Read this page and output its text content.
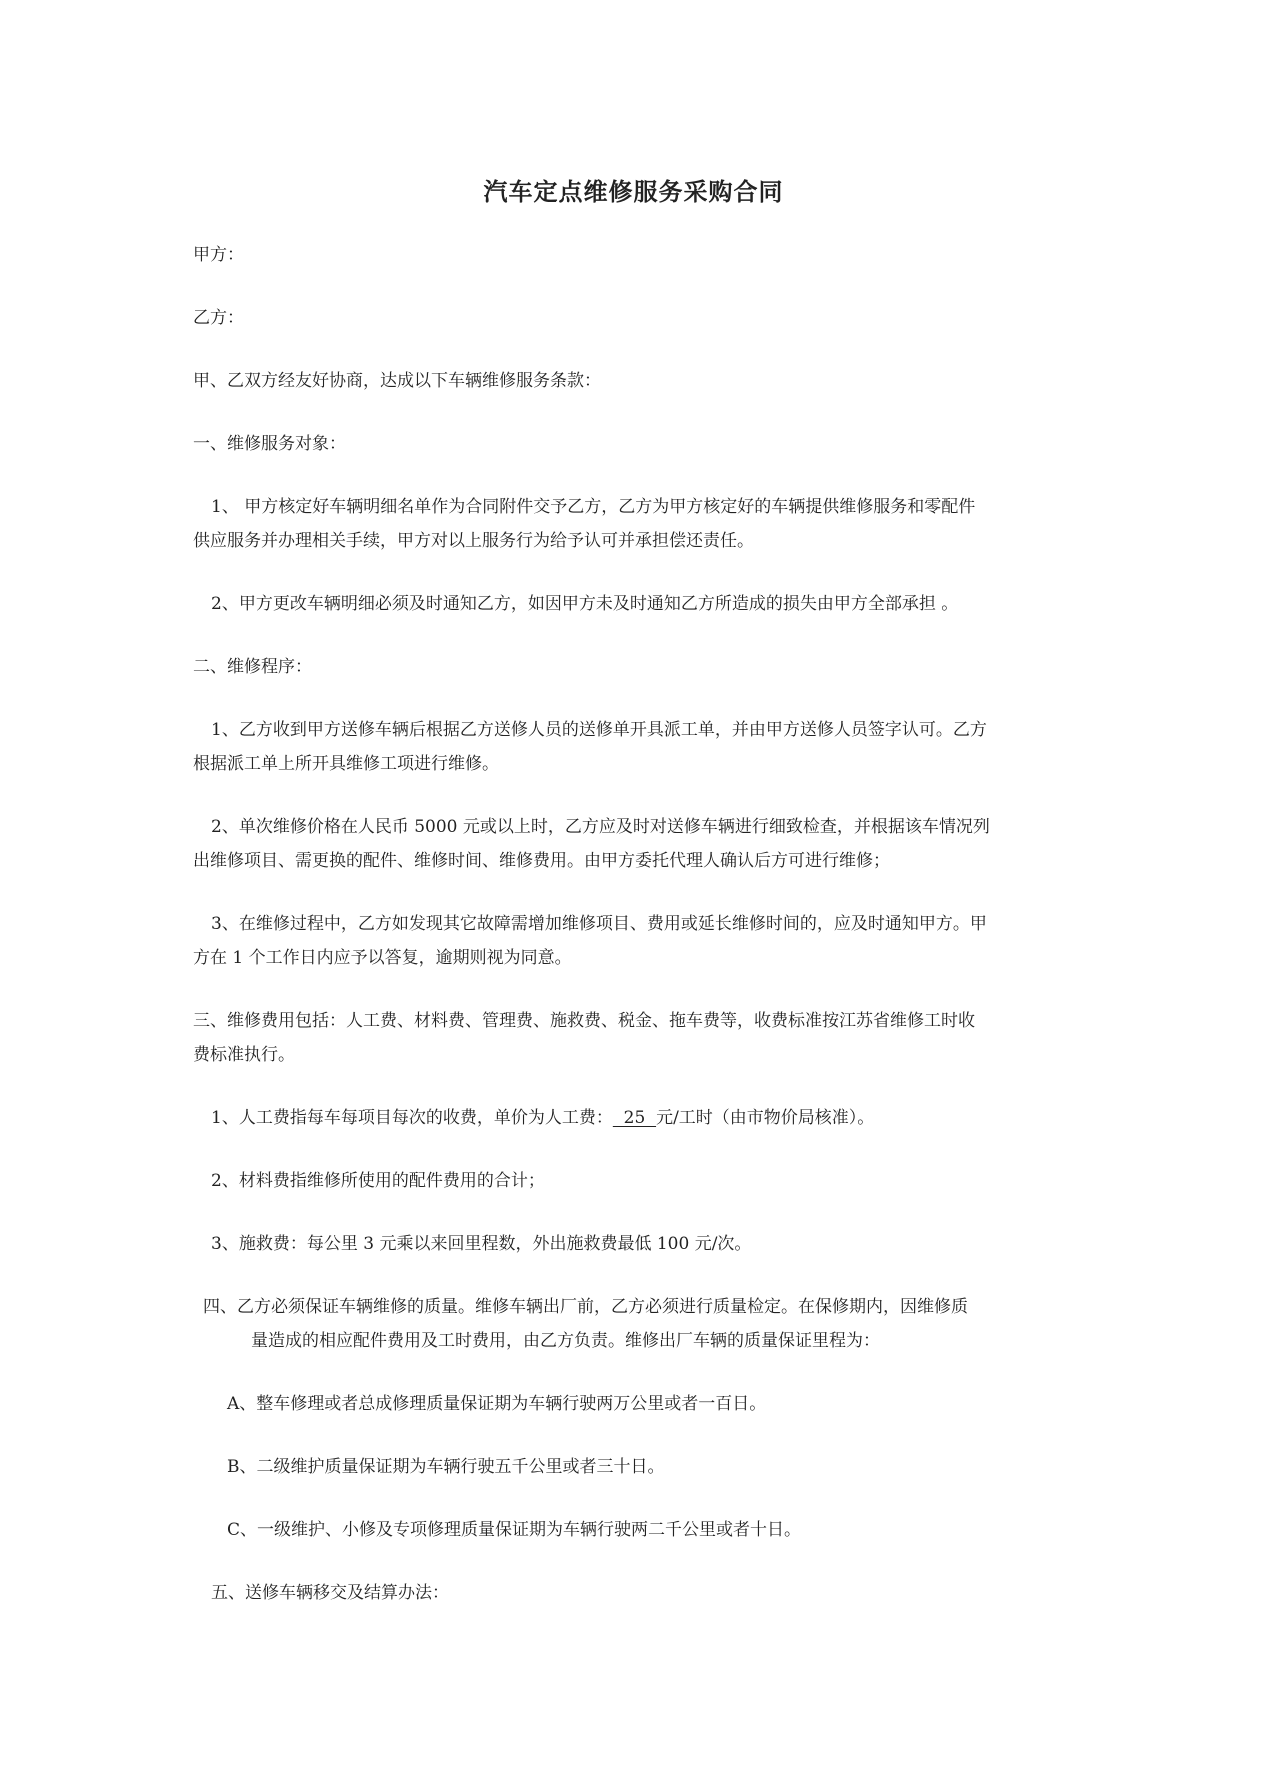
汽车定点维修服务采购合同
甲方：
乙方：
甲、乙双方经友好协商，达成以下车辆维修服务条款：
一、维修服务对象：
1、 甲方核定好车辆明细名单作为合同附件交予乙方，乙方为甲方核定好的车辆提供维修服务和零配件
供应服务并办理相关手续，甲方对以上服务行为给予认可并承担偿还责任。
2、甲方更改车辆明细必须及时通知乙方，如因甲方未及时通知乙方所造成的损失由甲方全部承担 。
二、维修程序：
1、乙方收到甲方送修车辆后根据乙方送修人员的送修单开具派工单，并由甲方送修人员签字认可。乙方
根据派工单上所开具维修工项进行维修。
2、单次维修价格在人民币 5000 元或以上时，乙方应及时对送修车辆进行细致检查，并根据该车情况列
出维修项目、需更换的配件、维修时间、维修费用。由甲方委托代理人确认后方可进行维修；
3、在维修过程中，乙方如发现其它故障需增加维修项目、费用或延长维修时间的，应及时通知甲方。甲
方在 1 个工作日内应予以答复，逾期则视为同意。
三、维修费用包括：人工费、材料费、管理费、施救费、税金、拖车费等，收费标准按江苏省维修工时收
费标准执行。
1、人工费指每车每项目每次的收费，单价为人工费：  25  元/工时（由市物价局核准）。
2、材料费指维修所使用的配件费用的合计；
3、施救费：每公里 3 元乘以来回里程数，外出施救费最低 100 元/次。
四、乙方必须保证车辆维修的质量。维修车辆出厂前，乙方必须进行质量检定。在保修期内，因维修质
量造成的相应配件费用及工时费用，由乙方负责。维修出厂车辆的质量保证里程为：
A、整车修理或者总成修理质量保证期为车辆行驶两万公里或者一百日。
B、二级维护质量保证期为车辆行驶五千公里或者三十日。
C、一级维护、小修及专项修理质量保证期为车辆行驶两二千公里或者十日。
五、送修车辆移交及结算办法：
